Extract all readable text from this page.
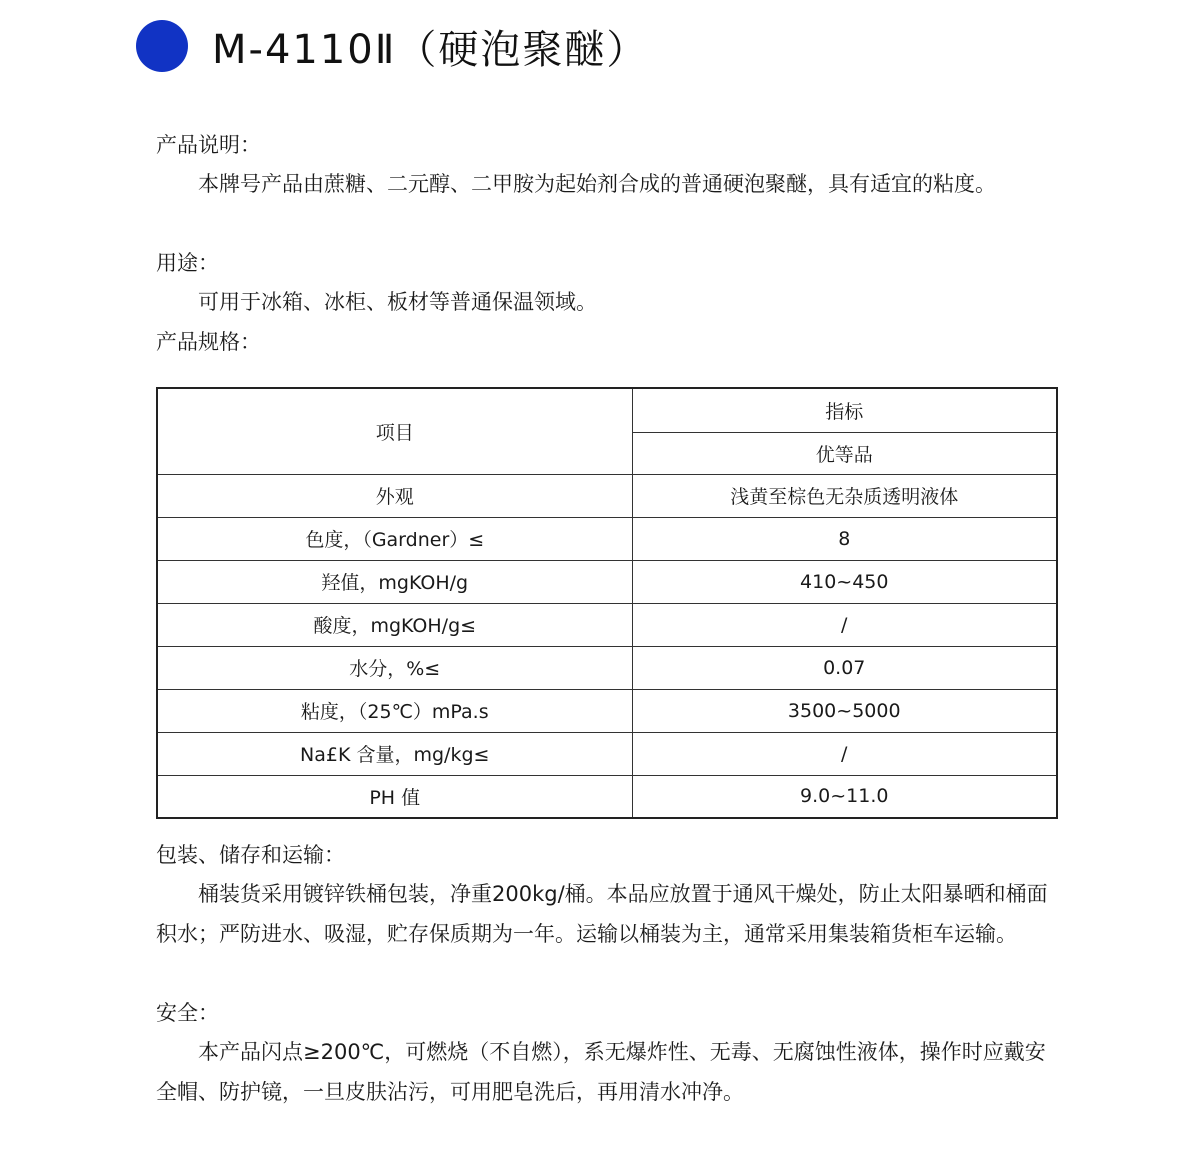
M-4110Ⅱ（硬泡聚醚）
产品说明：
本牌号产品由蔗糖、二元醇、二甲胺为起始剂合成的普通硬泡聚醚，具有适宜的粘度。
用途：
可用于冰箱、冰柜、板材等普通保温领域。
产品规格：
项目	指标
	优等品
外观	浅黄至棕色无杂质透明液体
色度，（Gardner）≤	8
羟值，mgKOH/g	410~450
酸度，mgKOH/g≤	/
水分，%≤	0.07
粘度，（25℃）mPa.s	3500~5000
Na£K 含量，mg/kg≤	/
PH 值	9.0~11.0
包装、储存和运输：
桶装货采用镀锌铁桶包装，净重200kg/桶。本品应放置于通风干燥处，防止太阳暴晒和桶面积水；严防进水、吸湿，贮存保质期为一年。运输以桶装为主，通常采用集装箱货柜车运输。
安全：
本产品闪点≥200℃，可燃烧（不自燃），系无爆炸性、无毒、无腐蚀性液体，操作时应戴安全帽、防护镜，一旦皮肤沾污，可用肥皂洗后，再用清水冲净。
